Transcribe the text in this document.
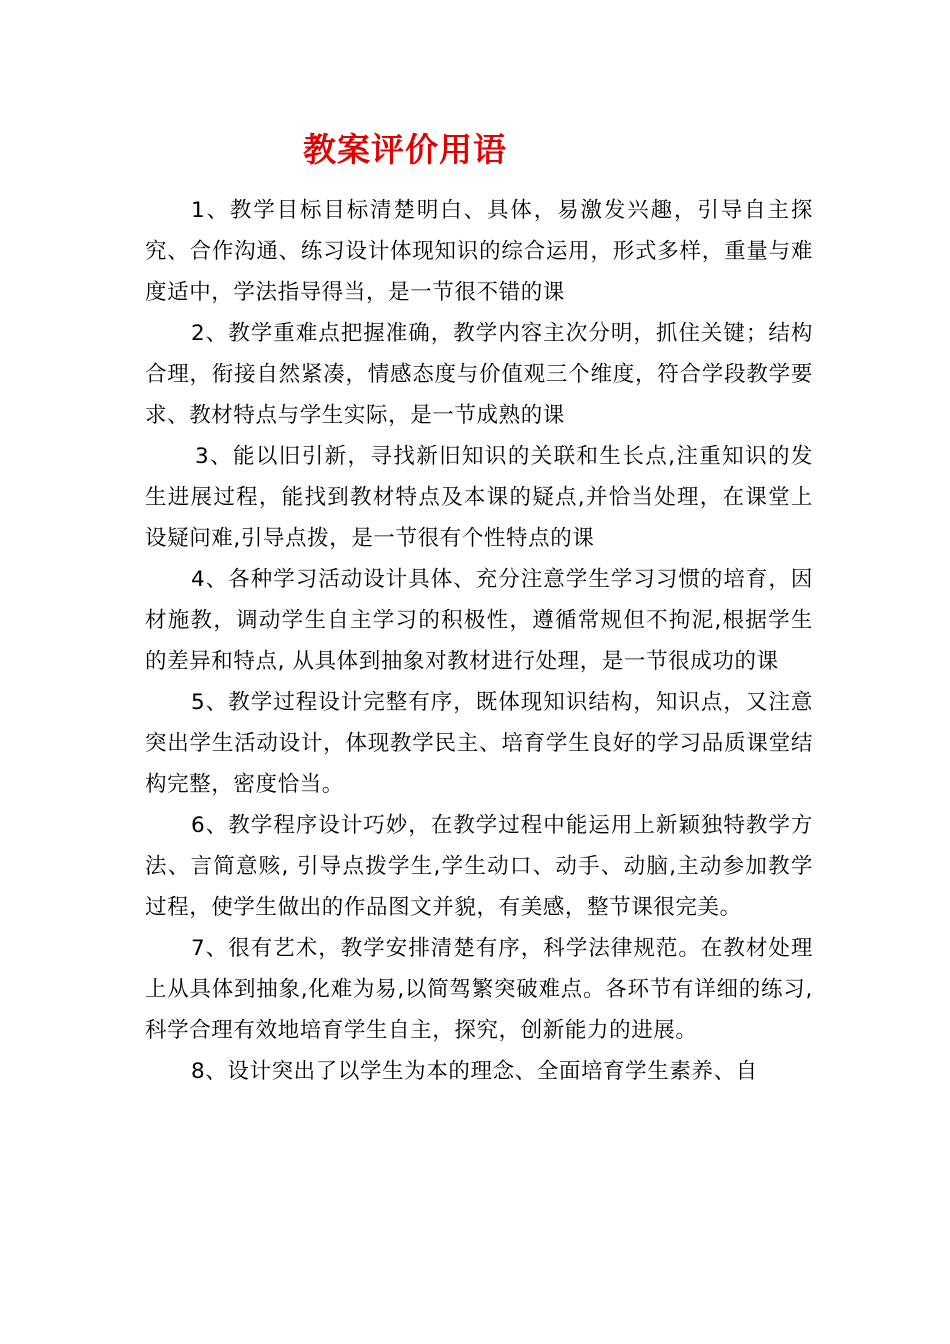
教案评价用语

1、教学目标目标清楚明白、具体，易激发兴趣，引导自主探究、合作沟通、练习设计体现知识的综合运用，形式多样，重量与难度适中，学法指导得当，是一节很不错的课

2、教学重难点把握准确，教学内容主次分明，抓住关键；结构合理，衔接自然紧凑，情感态度与价值观三个维度，符合学段教学要求、教材特点与学生实际，是一节成熟的课

3、能以旧引新，寻找新旧知识的关联和生长点,注重知识的发生进展过程，能找到教材特点及本课的疑点,并恰当处理，在课堂上设疑问难,引导点拨，是一节很有个性特点的课

4、各种学习活动设计具体、充分注意学生学习习惯的培育，因材施教，调动学生自主学习的积极性，遵循常规但不拘泥,根据学生的差异和特点, 从具体到抽象对教材进行处理，是一节很成功的课

5、教学过程设计完整有序，既体现知识结构，知识点，又注意突出学生活动设计，体现教学民主、培育学生良好的学习品质课堂结构完整，密度恰当。

6、教学程序设计巧妙，在教学过程中能运用上新颖独特教学方法、言简意赅, 引导点拨学生,学生动口、动手、动脑,主动参加教学过程，使学生做出的作品图文并貌，有美感，整节课很完美。

7、很有艺术，教学安排清楚有序，科学法律规范。在教材处理上从具体到抽象,化难为易,以简驾繁突破难点。各环节有详细的练习,科学合理有效地培育学生自主，探究，创新能力的进展。

8、设计突出了以学生为本的理念、全面培育学生素养、自
